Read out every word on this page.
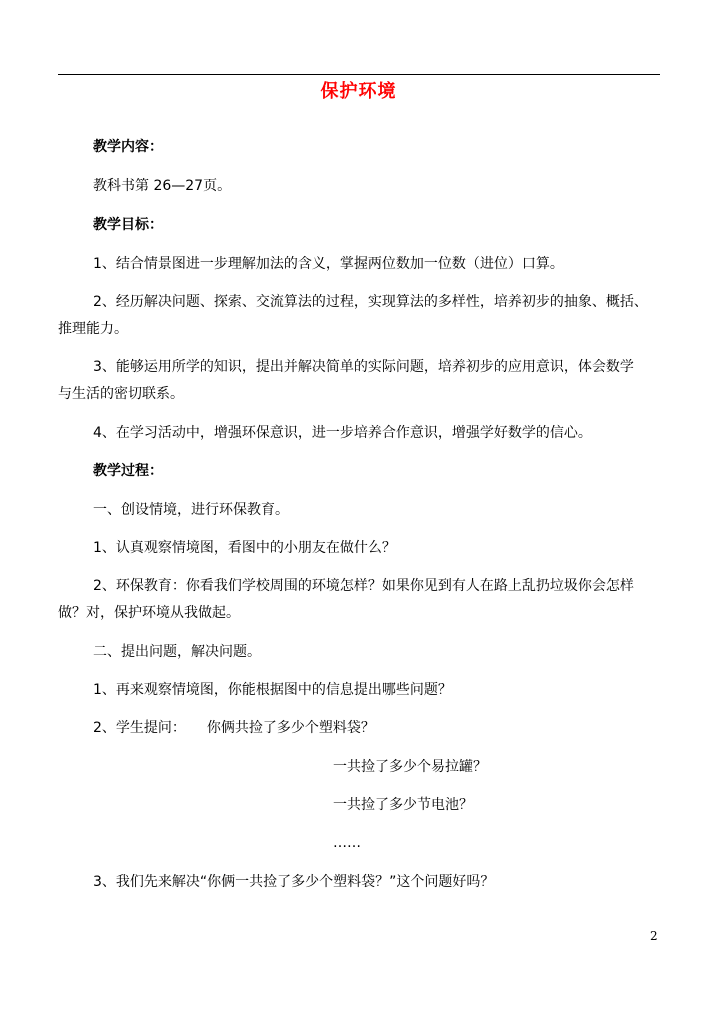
保护环境
教学内容：
教科书第 26—27页。
教学目标：
1、结合情景图进一步理解加法的含义，掌握两位数加一位数（进位）口算。
2、经历解决问题、探索、交流算法的过程，实现算法的多样性，培养初步的抽象、概括、
推理能力。
3、能够运用所学的知识，提出并解决简单的实际问题，培养初步的应用意识，体会数学
与生活的密切联系。
4、在学习活动中，增强环保意识，进一步培养合作意识，增强学好数学的信心。
教学过程：
一、创设情境，进行环保教育。
1、认真观察情境图，看图中的小朋友在做什么？
2、环保教育：你看我们学校周围的环境怎样？如果你见到有人在路上乱扔垃圾你会怎样
做？对，保护环境从我做起。
二、提出问题，解决问题。
1、再来观察情境图，你能根据图中的信息提出哪些问题？
2、学生提问：　　你俩共捡了多少个塑料袋？
一共捡了多少个易拉罐？
一共捡了多少节电池？
……
3、我们先来解决“你俩一共捡了多少个塑料袋？”这个问题好吗？
2
